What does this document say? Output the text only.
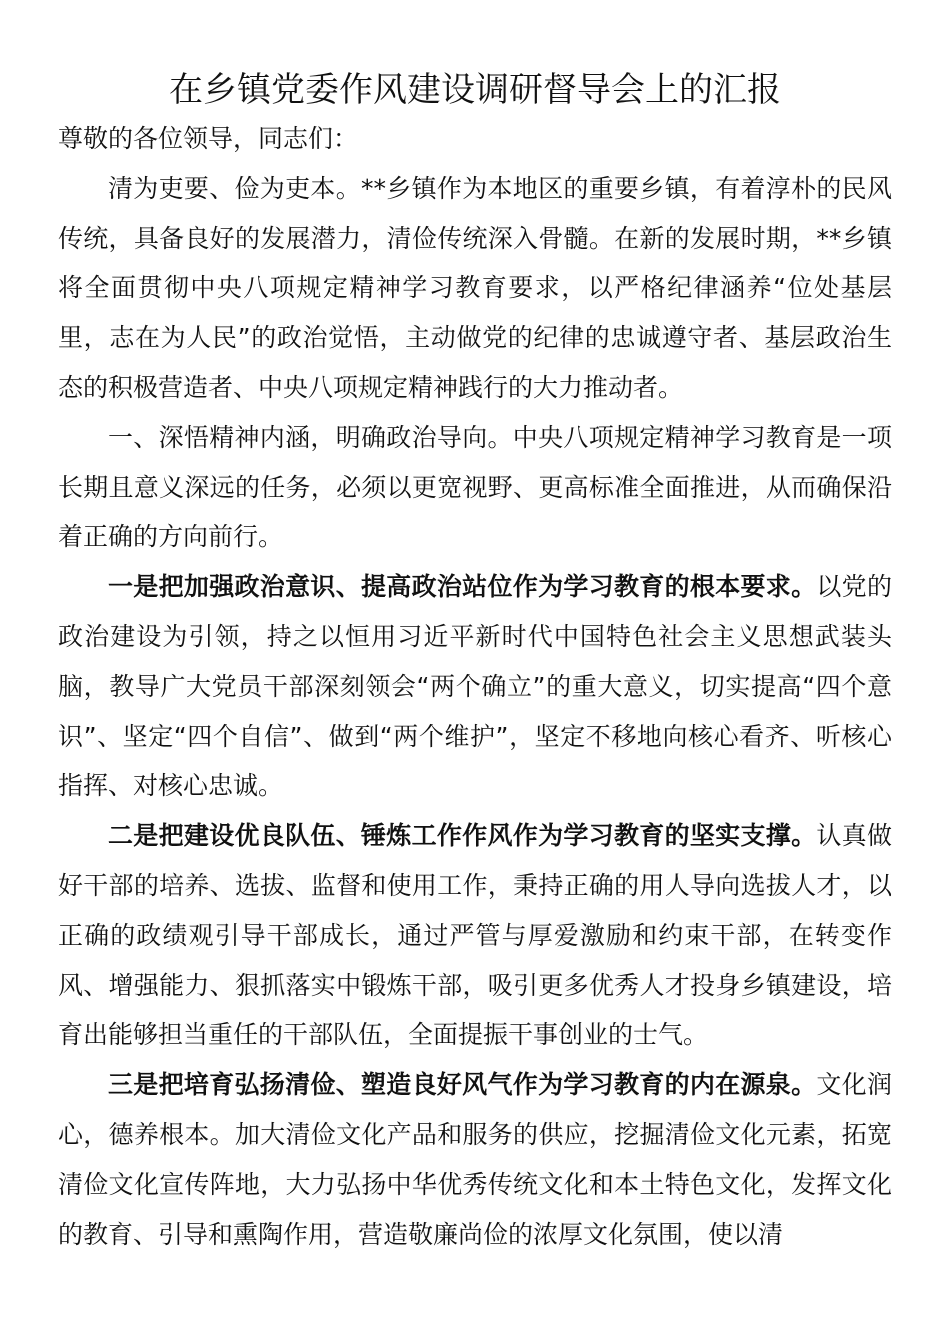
在乡镇党委作风建设调研督导会上的汇报

尊敬的各位领导，同志们：

清为吏要、俭为吏本。**乡镇作为本地区的重要乡镇，有着淳朴的民风传统，具备良好的发展潜力，清俭传统深入骨髓。在新的发展时期，**乡镇将全面贯彻中央八项规定精神学习教育要求，以严格纪律涵养“位处基层里，志在为人民”的政治觉悟，主动做党的纪律的忠诚遵守者、基层政治生态的积极营造者、中央八项规定精神践行的大力推动者。

一、深悟精神内涵，明确政治导向。中央八项规定精神学习教育是一项长期且意义深远的任务，必须以更宽视野、更高标准全面推进，从而确保沿着正确的方向前行。

一是把加强政治意识、提高政治站位作为学习教育的根本要求。以党的政治建设为引领，持之以恒用习近平新时代中国特色社会主义思想武装头脑，教导广大党员干部深刻领会“两个确立”的重大意义，切实提高“四个意识”、坚定“四个自信”、做到“两个维护”，坚定不移地向核心看齐、听核心指挥、对核心忠诚。

二是把建设优良队伍、锤炼工作作风作为学习教育的坚实支撑。认真做好干部的培养、选拔、监督和使用工作，秉持正确的用人导向选拔人才，以正确的政绩观引导干部成长，通过严管与厚爱激励和约束干部，在转变作风、增强能力、狠抓落实中锻炼干部，吸引更多优秀人才投身乡镇建设，培育出能够担当重任的干部队伍，全面提振干事创业的士气。

三是把培育弘扬清俭、塑造良好风气作为学习教育的内在源泉。文化润心，德养根本。加大清俭文化产品和服务的供应，挖掘清俭文化元素，拓宽清俭文化宣传阵地，大力弘扬中华优秀传统文化和本土特色文化，发挥文化的教育、引导和熏陶作用，营造敬廉尚俭的浓厚文化氛围，使以清
